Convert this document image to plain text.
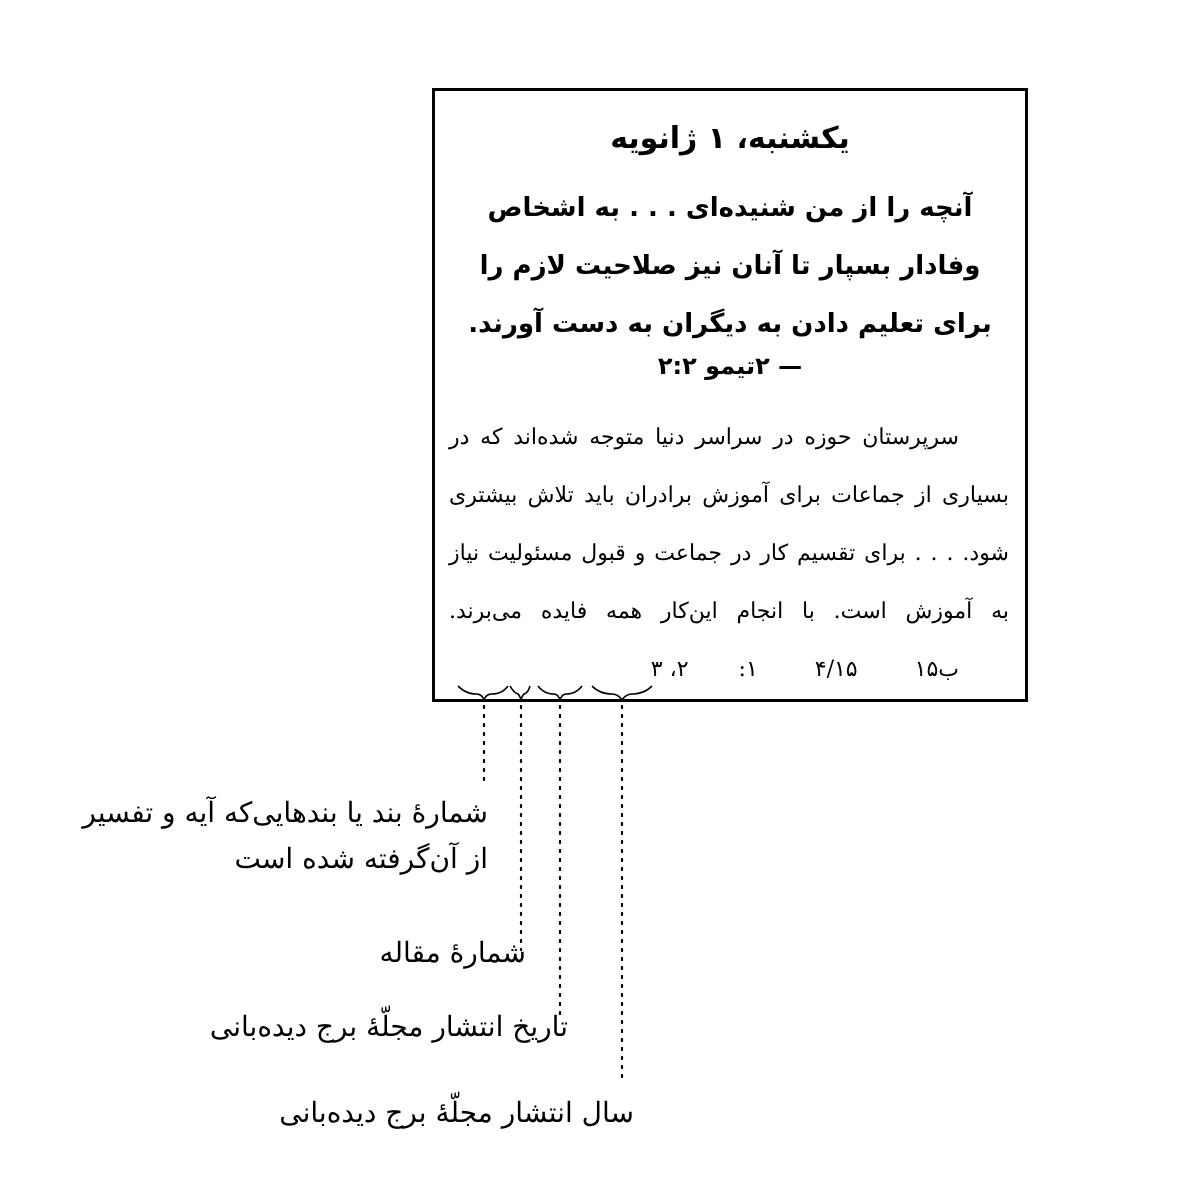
یکشنبه، ۱ ژانویه
آنچه را از من شنیده‌ای . . . به اشخاص وفادار بسپار تا آنان نیز صلاحیت لازم را برای تعلیم دادن به دیگران به دست آورند.
— ۲تیمو ۲:۲
سرپرستان حوزه در سراسر دنیا متوجه شده‌اند که در بسیاری از جماعات برای آموزش برادران باید تلاش بیشتری شود. . . . برای تقسیم کار در جماعت و قبول مسئولیت نیاز به آموزش است. با انجام این‌کار همه فایده می‌برند. ب‌۱۵ ۴/۱۵ ۱:۲، ۳
شمارهٔ بند یا بندهایی‌که آیه و تفسیر از آن‌گرفته شده است
شمارهٔ مقاله
تاریخ انتشار مجلّهٔ برج دیده‌بانی
سال انتشار مجلّهٔ برج دیده‌بانی
